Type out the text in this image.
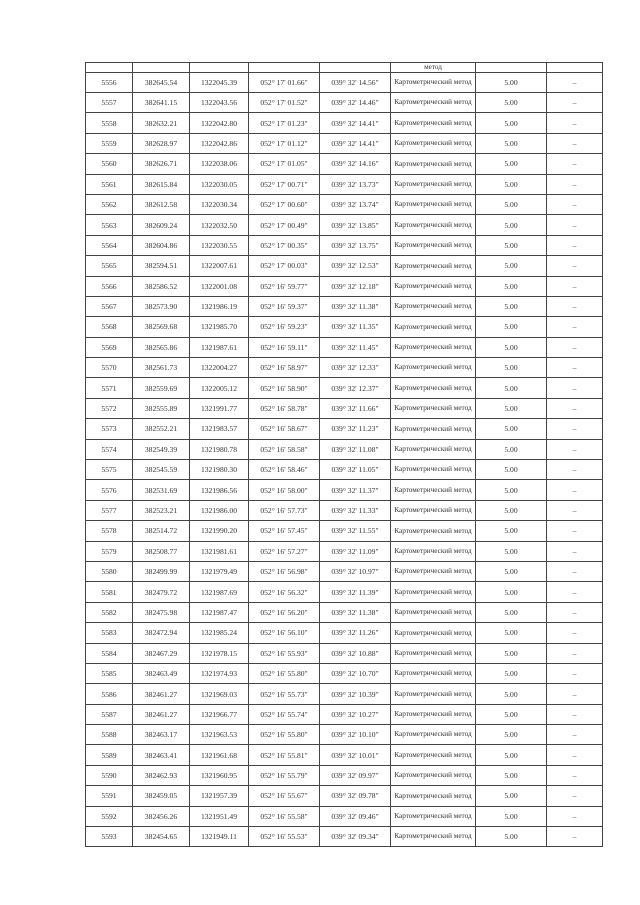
					метод		
5556	382645.54	1322045.39	052° 17' 01.66"	039° 32' 14.56"	Картометрический метод	5.00	–
5557	382641.15	1322043.56	052° 17' 01.52"	039° 32' 14.46"	Картометрический метод	5.00	–
5558	382632.21	1322042.80	052° 17' 01.23"	039° 32' 14.41"	Картометрический метод	5.00	–
5559	382628.97	1322042.86	052° 17' 01.12"	039° 32' 14.41"	Картометрический метод	5.00	–
5560	382626.71	1322038.06	052° 17' 01.05"	039° 32' 14.16"	Картометрический метод	5.00	–
5561	382615.84	1322030.05	052° 17' 00.71"	039° 32' 13.73"	Картометрический метод	5.00	–
5562	382612.58	1322030.34	052° 17' 00.60"	039° 32' 13.74"	Картометрический метод	5.00	–
5563	382609.24	1322032.50	052° 17' 00.49"	039° 32' 13.85"	Картометрический метод	5.00	–
5564	382604.86	1322030.55	052° 17' 00.35"	039° 32' 13.75"	Картометрический метод	5.00	–
5565	382594.51	1322007.61	052° 17' 00.03"	039° 32' 12.53"	Картометрический метод	5.00	–
5566	382586.52	1322001.08	052° 16' 59.77"	039° 32' 12.18"	Картометрический метод	5.00	–
5567	382573.90	1321986.19	052° 16' 59.37"	039° 32' 11.38"	Картометрический метод	5.00	–
5568	382569.68	1321985.70	052° 16' 59.23"	039° 32' 11.35"	Картометрический метод	5.00	–
5569	382565.86	1321987.61	052° 16' 59.11"	039° 32' 11.45"	Картометрический метод	5.00	–
5570	382561.73	1322004.27	052° 16' 58.97"	039° 32' 12.33"	Картометрический метод	5.00	–
5571	382559.69	1322005.12	052° 16' 58.90"	039° 32' 12.37"	Картометрический метод	5.00	–
5572	382555.89	1321991.77	052° 16' 58.78"	039° 32' 11.66"	Картометрический метод	5.00	–
5573	382552.21	1321983.57	052° 16' 58.67"	039° 32' 11.23"	Картометрический метод	5.00	–
5574	382549.39	1321980.78	052° 16' 58.58"	039° 32' 11.08"	Картометрический метод	5.00	–
5575	382545.59	1321980.30	052° 16' 58.46"	039° 32' 11.05"	Картометрический метод	5.00	–
5576	382531.69	1321986.56	052° 16' 58.00"	039° 32' 11.37"	Картометрический метод	5.00	–
5577	382523.21	1321986.00	052° 16' 57.73"	039° 32' 11.33"	Картометрический метод	5.00	–
5578	382514.72	1321990.20	052° 16' 57.45"	039° 32' 11.55"	Картометрический метод	5.00	–
5579	382508.77	1321981.61	052° 16' 57.27"	039° 32' 11.09"	Картометрический метод	5.00	–
5580	382499.99	1321979.49	052° 16' 56.98"	039° 32' 10.97"	Картометрический метод	5.00	–
5581	382479.72	1321987.69	052° 16' 56.32"	039° 32' 11.39"	Картометрический метод	5.00	–
5582	382475.98	1321987.47	052° 16' 56.20"	039° 32' 11.38"	Картометрический метод	5.00	–
5583	382472.94	1321985.24	052° 16' 56.10"	039° 32' 11.26"	Картометрический метод	5.00	–
5584	382467.29	1321978.15	052° 16' 55.93"	039° 32' 10.88"	Картометрический метод	5.00	–
5585	382463.49	1321974.93	052° 16' 55.80"	039° 32' 10.70"	Картометрический метод	5.00	–
5586	382461.27	1321969.03	052° 16' 55.73"	039° 32' 10.39"	Картометрический метод	5.00	–
5587	382461.27	1321966.77	052° 16' 55.74"	039° 32' 10.27"	Картометрический метод	5.00	–
5588	382463.17	1321963.53	052° 16' 55.80"	039° 32' 10.10"	Картометрический метод	5.00	–
5589	382463.41	1321961.68	052° 16' 55.81"	039° 32' 10.01"	Картометрический метод	5.00	–
5590	382462.93	1321960.95	052° 16' 55.79"	039° 32' 09.97"	Картометрический метод	5.00	–
5591	382459.05	1321957.39	052° 16' 55.67"	039° 32' 09.78"	Картометрический метод	5.00	–
5592	382456.26	1321951.49	052° 16' 55.58"	039° 32' 09.46"	Картометрический метод	5.00	–
5593	382454.65	1321949.11	052° 16' 55.53"	039° 32' 09.34"	Картометрический метод	5.00	–
